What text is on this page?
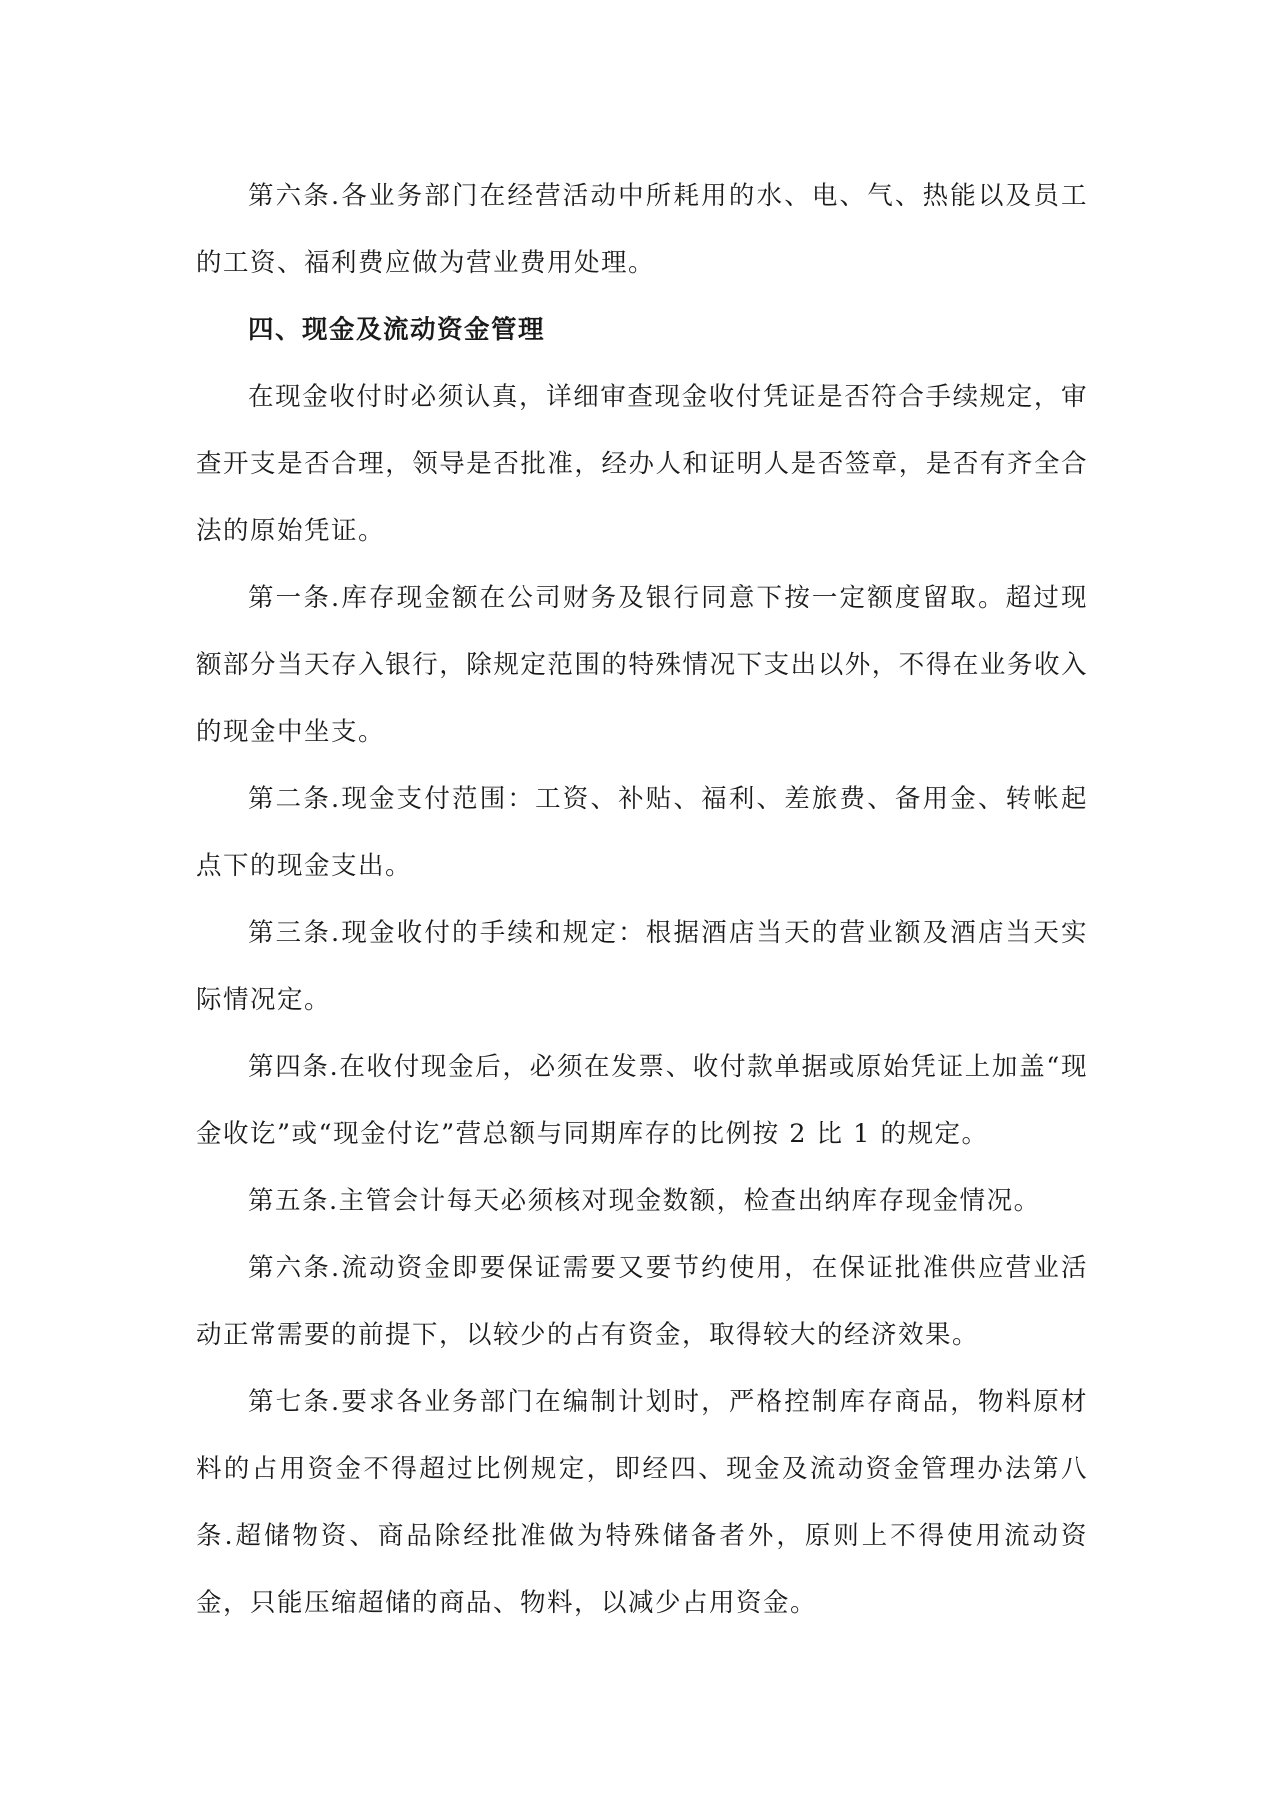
第六条.各业务部门在经营活动中所耗用的水、电、气、热能以及员工的工资、福利费应做为营业费用处理。

四、现金及流动资金管理

在现金收付时必须认真，详细审查现金收付凭证是否符合手续规定，审查开支是否合理，领导是否批准，经办人和证明人是否签章，是否有齐全合法的原始凭证。

第一条.库存现金额在公司财务及银行同意下按一定额度留取。超过现额部分当天存入银行，除规定范围的特殊情况下支出以外，不得在业务收入的现金中坐支。

第二条.现金支付范围：工资、补贴、福利、差旅费、备用金、转帐起点下的现金支出。

第三条.现金收付的手续和规定：根据酒店当天的营业额及酒店当天实际情况定。

第四条.在收付现金后，必须在发票、收付款单据或原始凭证上加盖“现金收讫”或“现金付讫”营总额与同期库存的比例按 2 比 1 的规定。

第五条.主管会计每天必须核对现金数额，检查出纳库存现金情况。

第六条.流动资金即要保证需要又要节约使用，在保证批准供应营业活动正常需要的前提下，以较少的占有资金，取得较大的经济效果。

第七条.要求各业务部门在编制计划时，严格控制库存商品，物料原材料的占用资金不得超过比例规定，即经四、现金及流动资金管理办法第八条.超储物资、商品除经批准做为特殊储备者外，原则上不得使用流动资金，只能压缩超储的商品、物料，以减少占用资金。
